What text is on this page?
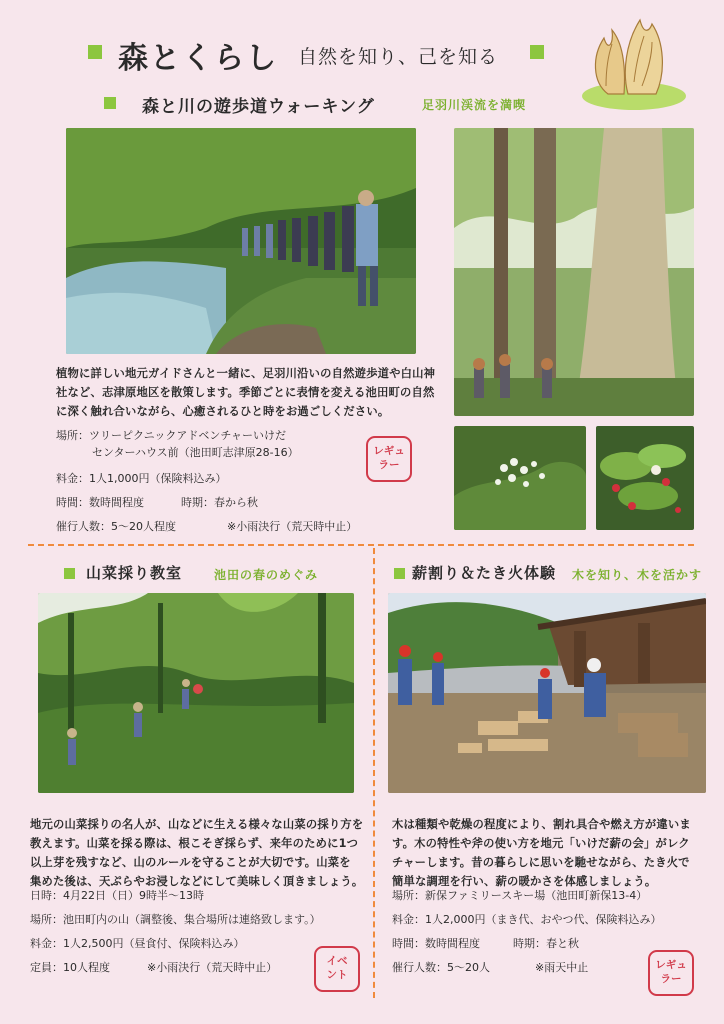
森とくらし 自然を知り、己を知る
森と川の遊歩道ウォーキング	足羽川渓流を満喫
植物に詳しい地元ガイドさんと一緒に、足羽川沿いの自然遊歩道や白山神
社など、志津原地区を散策します。季節ごとに表情を変える池田町の自然
に深く触れ合いながら、心癒されるひと時をお過ごしください。
場所：ツリーピクニックアドベンチャーいけだ
センターハウス前（池田町志津原28-16）
料金：1人1,000円（保険料込み）
時間：数時間程度	時期：春から秋
催行人数：5～20人程度	※小雨決行（荒天時中止）
レギュ
ラー
山菜採り教室	池田の春のめぐみ
地元の山菜採りの名人が、山などに生える様々な山菜の採り方を
教えます。山菜を採る際は、根こそぎ採らず、来年のために1つ
以上芽を残すなど、山のルールを守ることが大切です。山菜を
集めた後は、天ぷらやお浸しなどにして美味しく頂きましょう。
日時：4月22日（日）9時半～13時
場所：池田町内の山（調整後、集合場所は連絡致します。）
料金：1人2,500円（昼食付、保険料込み）
定員：10人程度	※小雨決行（荒天時中止）	イベ
ント
薪割り＆たき火体験 木を知り、木を活かす
木は種類や乾燥の程度により、割れ具合や燃え方が違いま
す。木の特性や斧の使い方を地元「いけだ薪の会」がレク
チャーします。昔の暮らしに思いを馳せながら、たき火で
簡単な調理を行い、薪の暖かさを体感しましょう。
場所：新保ファミリースキー場（池田町新保13-4）
料金：1人2,000円（まき代、おやつ代、保険料込み）
時間：数時間程度	時期：春と秋
催行人数：5～20人	※雨天中止	レギュ
ラー
